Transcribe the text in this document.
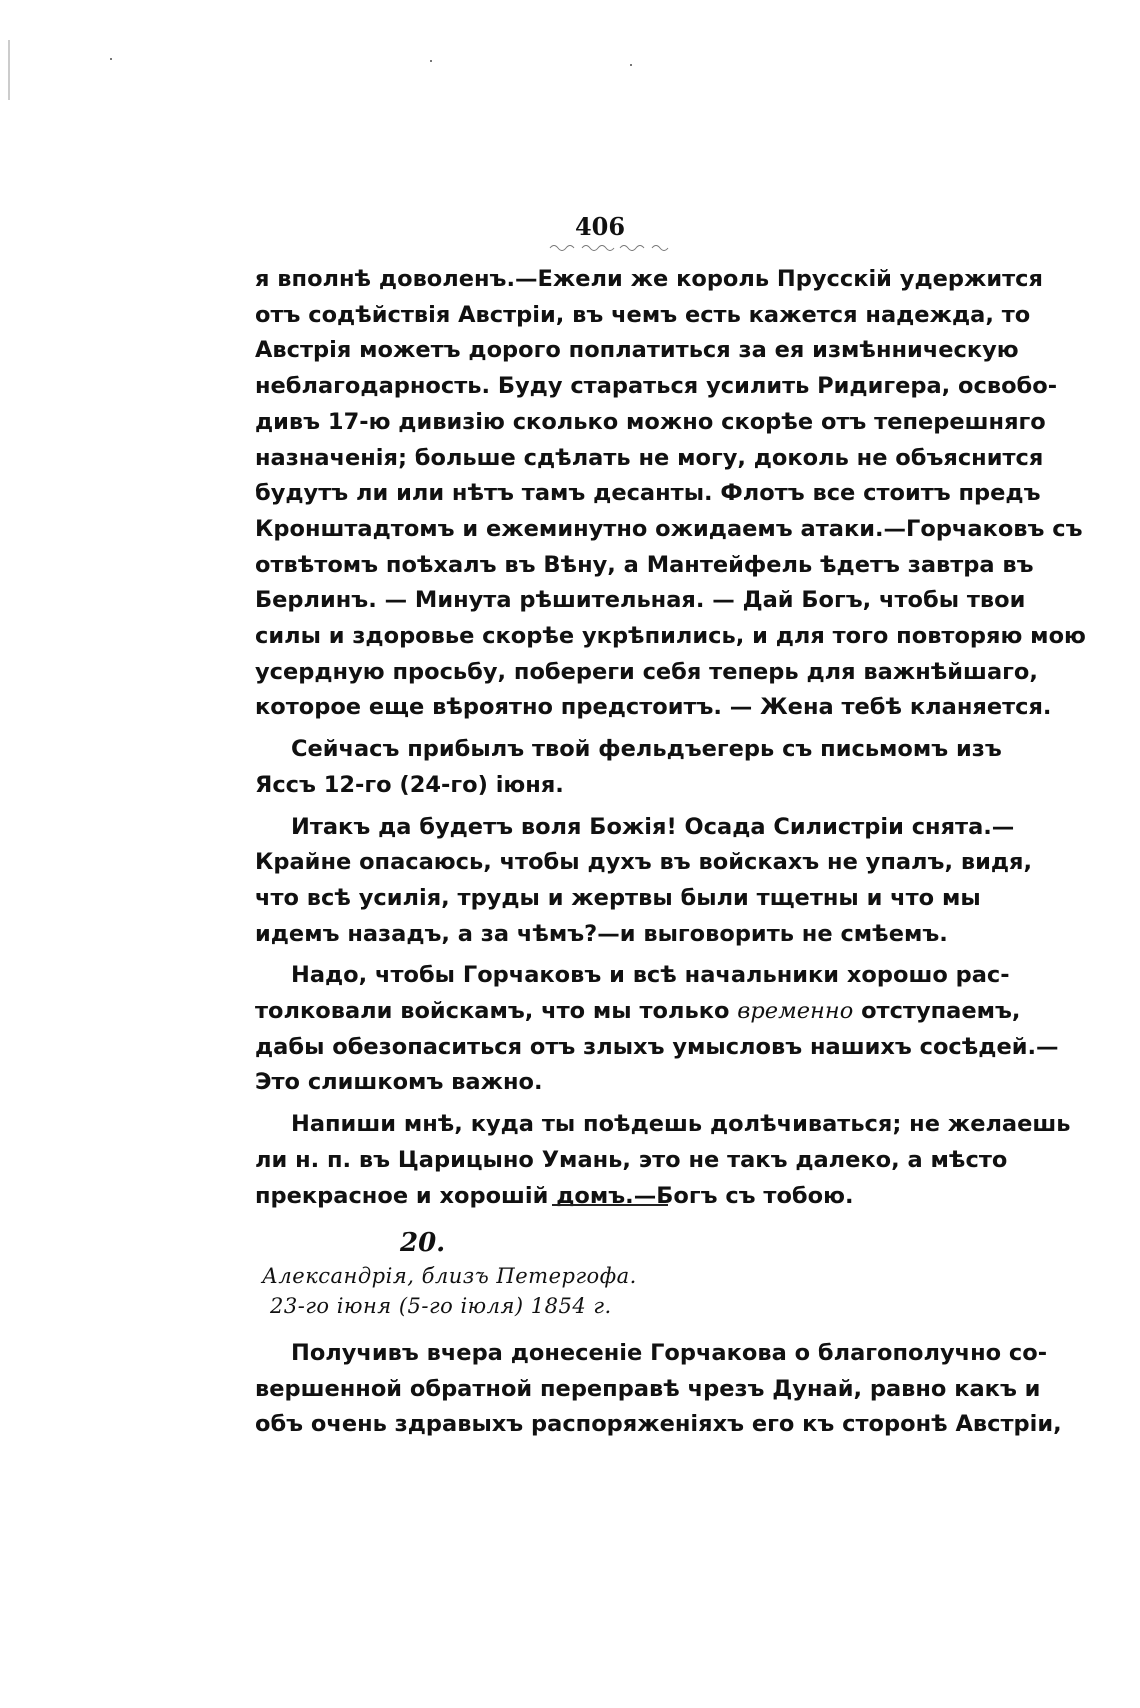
406
я вполнѣ доволенъ.—Ежели же король Прусскій удержится
отъ содѣйствія Австріи, въ чемъ есть кажется надежда, то
Австрія можетъ дорого поплатиться за ея измѣнническую
неблагодарность. Буду стараться усилить Ридигера, освобо-
дивъ 17-ю дивизію сколько можно скорѣе отъ теперешняго
назначенія; больше сдѣлать не могу, доколь не объяснится
будутъ ли или нѣтъ тамъ десанты. Флотъ все стоитъ предъ
Кронштадтомъ и ежеминутно ожидаемъ атаки.—Горчаковъ съ
отвѣтомъ поѣхалъ въ Вѣну, а Мантейфель ѣдетъ завтра въ
Берлинъ. — Минута рѣшительная. — Дай Богъ, чтобы твои
силы и здоровье скорѣе укрѣпились, и для того повторяю мою
усердную просьбу, побереги себя теперь для важнѣйшаго,
которое еще вѣроятно предстоитъ. — Жена тебѣ кланяется.
Сейчасъ прибылъ твой фельдъегерь съ письмомъ изъ
Яссъ 12-го (24-го) іюня.
Итакъ да будетъ воля Божія! Осада Силистріи снята.—
Крайне опасаюсь, чтобы духъ въ войскахъ не упалъ, видя,
что всѣ усилія, труды и жертвы были тщетны и что мы
идемъ назадъ, а за чѣмъ?—и выговорить не смѣемъ.
Надо, чтобы Горчаковъ и всѣ начальники хорошо рас-
толковали войскамъ, что мы только временно отступаемъ,
дабы обезопаситься отъ злыхъ умысловъ нашихъ сосѣдей.—
Это слишкомъ важно.
Напиши мнѣ, куда ты поѣдешь долѣчиваться; не желаешь
ли н. п. въ Царицыно Умань, это не такъ далеко, а мѣсто
прекрасное и хорошій домъ.—Богъ съ тобою.
20.
Александрія, близъ Петергофа.
23-го іюня (5-го іюля) 1854 г.
Получивъ вчера донесеніе Горчакова о благополучно со-
вершенной обратной переправѣ чрезъ Дунай, равно какъ и
объ очень здравыхъ распоряженіяхъ его къ сторонѣ Австріи,
